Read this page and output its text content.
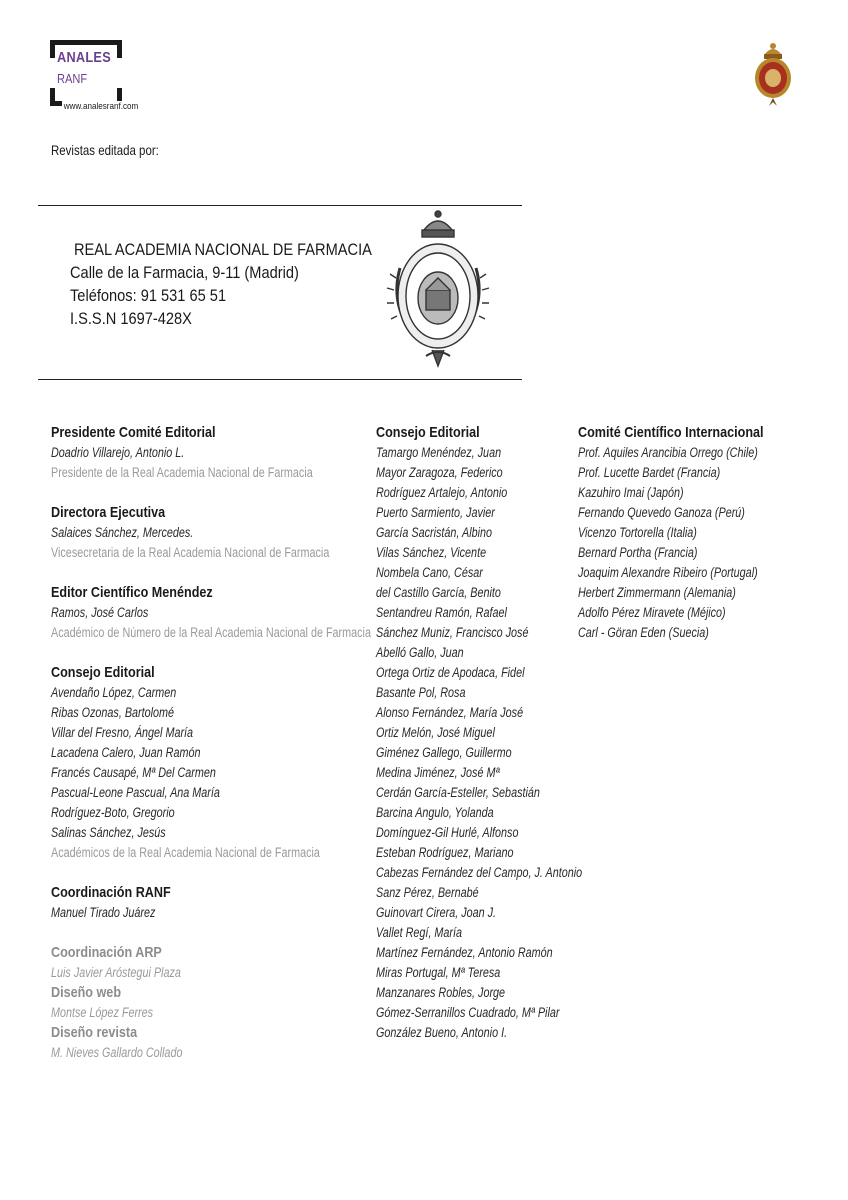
ANALES
RANF
www.analesranf.com
Revistas editada por:
REAL ACADEMIA NACIONAL DE FARMACIA
Calle de la Farmacia, 9-11 (Madrid)
Teléfonos: 91 531 65 51
I.S.S.N 1697-428X
Presidente Comité Editorial
Doadrio Villarejo, Antonio L.
Presidente de la Real Academia Nacional de Farmacia
Directora Ejecutiva
Salaices Sánchez, Mercedes.
Vicesecretaria de la Real Academia Nacional de Farmacia
Editor Científico Menéndez
Ramos, José Carlos
Académico de Número de la Real Academia Nacional de Farmacia
Consejo Editorial
Avendaño López, Carmen
Ribas Ozonas, Bartolomé
Villar del Fresno, Ángel María
Lacadena Calero, Juan Ramón
Francés Causapé, Mª Del Carmen
Pascual-Leone Pascual, Ana María
Rodríguez-Boto, Gregorio
Salinas Sánchez, Jesús
Académicos de la Real Academia Nacional de Farmacia
Coordinación RANF
Manuel Tirado Juárez
Coordinación ARP
Luis Javier Aróstegui Plaza
Diseño web
Montse López Ferres
Diseño revista
M. Nieves Gallardo Collado
Consejo Editorial
Tamargo Menéndez, Juan
Mayor Zaragoza, Federico
Rodríguez Artalejo, Antonio
Puerto Sarmiento, Javier
García Sacristán, Albino
Vilas Sánchez, Vicente
Nombela Cano, César
del Castillo García, Benito
Sentandreu Ramón, Rafael
Sánchez Muniz, Francisco José
Abelló Gallo, Juan
Ortega Ortiz de Apodaca, Fidel
Basante Pol, Rosa
Alonso Fernández, María José
Ortiz Melón, José Miguel
Giménez Gallego, Guillermo
Medina Jiménez, José Mª
Cerdán García-Esteller, Sebastián
Barcina Angulo, Yolanda
Domínguez-Gil Hurlé, Alfonso
Esteban Rodríguez, Mariano
Cabezas Fernández del Campo, J. Antonio
Sanz Pérez, Bernabé
Guinovart Cirera, Joan J.
Vallet Regí, María
Martínez Fernández, Antonio Ramón
Miras Portugal, Mª Teresa
Manzanares Robles, Jorge
Gómez-Serranillos Cuadrado, Mª Pilar
González Bueno, Antonio I.
Comité Científico Internacional
Prof. Aquiles Arancibia Orrego (Chile)
Prof. Lucette Bardet (Francia)
Kazuhiro Imai (Japón)
Fernando Quevedo Ganoza (Perú)
Vicenzo Tortorella (Italia)
Bernard Portha (Francia)
Joaquim Alexandre Ribeiro (Portugal)
Herbert Zimmermann (Alemania)
Adolfo Pérez Miravete (Méjico)
Carl - Göran Eden (Suecia)
